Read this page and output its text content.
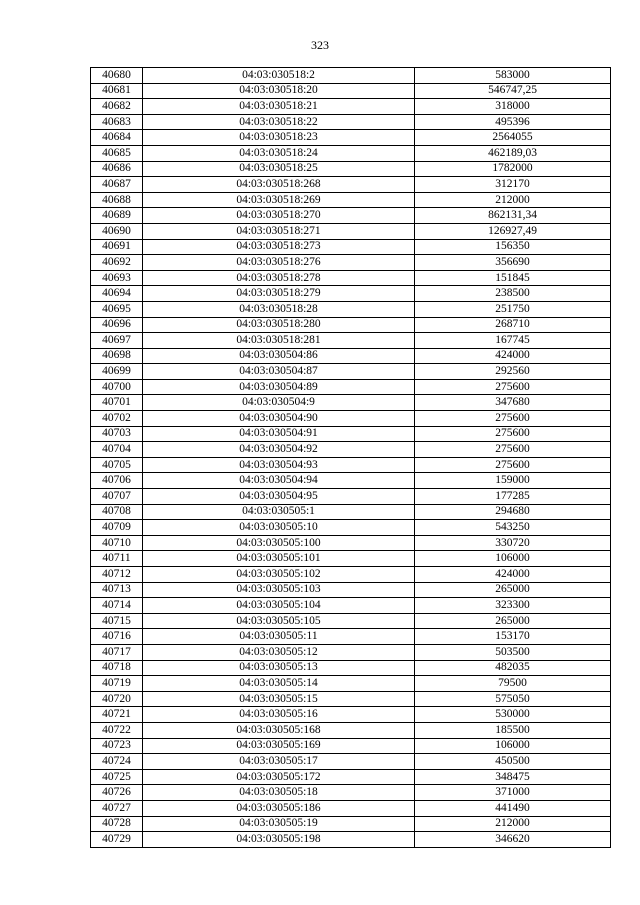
323
40680	04:03:030518:2	583000
40681	04:03:030518:20	546747,25
40682	04:03:030518:21	318000
40683	04:03:030518:22	495396
40684	04:03:030518:23	2564055
40685	04:03:030518:24	462189,03
40686	04:03:030518:25	1782000
40687	04:03:030518:268	312170
40688	04:03:030518:269	212000
40689	04:03:030518:270	862131,34
40690	04:03:030518:271	126927,49
40691	04:03:030518:273	156350
40692	04:03:030518:276	356690
40693	04:03:030518:278	151845
40694	04:03:030518:279	238500
40695	04:03:030518:28	251750
40696	04:03:030518:280	268710
40697	04:03:030518:281	167745
40698	04:03:030504:86	424000
40699	04:03:030504:87	292560
40700	04:03:030504:89	275600
40701	04:03:030504:9	347680
40702	04:03:030504:90	275600
40703	04:03:030504:91	275600
40704	04:03:030504:92	275600
40705	04:03:030504:93	275600
40706	04:03:030504:94	159000
40707	04:03:030504:95	177285
40708	04:03:030505:1	294680
40709	04:03:030505:10	543250
40710	04:03:030505:100	330720
40711	04:03:030505:101	106000
40712	04:03:030505:102	424000
40713	04:03:030505:103	265000
40714	04:03:030505:104	323300
40715	04:03:030505:105	265000
40716	04:03:030505:11	153170
40717	04:03:030505:12	503500
40718	04:03:030505:13	482035
40719	04:03:030505:14	79500
40720	04:03:030505:15	575050
40721	04:03:030505:16	530000
40722	04:03:030505:168	185500
40723	04:03:030505:169	106000
40724	04:03:030505:17	450500
40725	04:03:030505:172	348475
40726	04:03:030505:18	371000
40727	04:03:030505:186	441490
40728	04:03:030505:19	212000
40729	04:03:030505:198	346620
